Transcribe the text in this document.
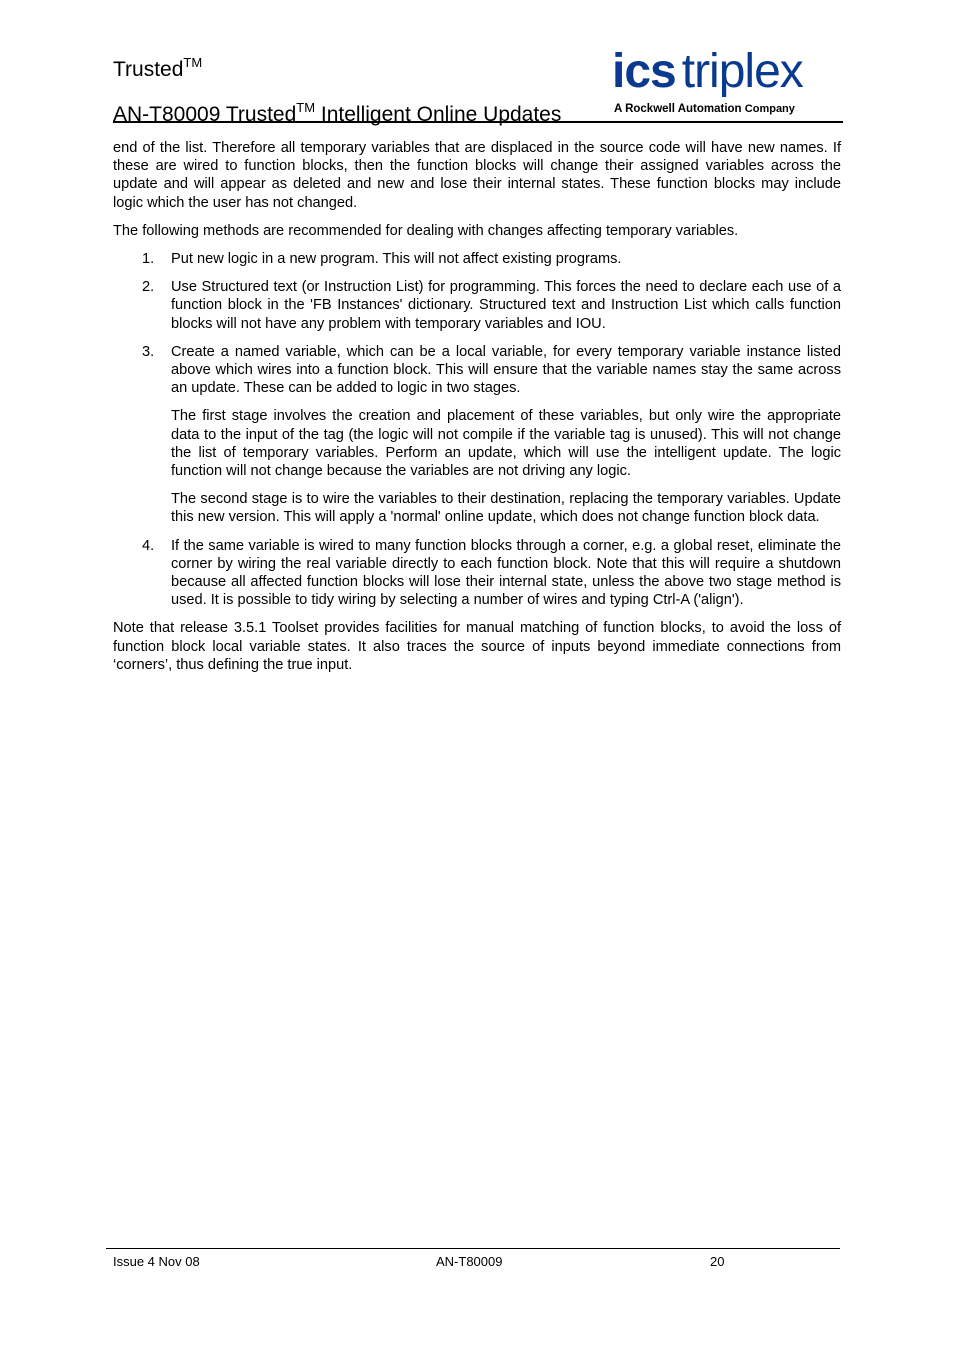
Trusted™
AN-T80009 Trusted™ Intelligent Online Updates
ics triplex
A Rockwell Automation Company

end of the list. Therefore all temporary variables that are displaced in the source code will have new names. If these are wired to function blocks, then the function blocks will change their assigned variables across the update and will appear as deleted and new and lose their internal states. These function blocks may include logic which the user has not changed.

The following methods are recommended for dealing with changes affecting temporary variables.

1. Put new logic in a new program. This will not affect existing programs.

2. Use Structured text (or Instruction List) for programming. This forces the need to declare each use of a function block in the 'FB Instances' dictionary. Structured text and Instruction List which calls function blocks will not have any problem with temporary variables and IOU.

3. Create a named variable, which can be a local variable, for every temporary variable instance listed above which wires into a function block. This will ensure that the variable names stay the same across an update. These can be added to logic in two stages.

The first stage involves the creation and placement of these variables, but only wire the appropriate data to the input of the tag (the logic will not compile if the variable tag is unused). This will not change the list of temporary variables. Perform an update, which will use the intelligent update. The logic function will not change because the variables are not driving any logic.

The second stage is to wire the variables to their destination, replacing the temporary variables. Update this new version. This will apply a 'normal' online update, which does not change function block data.

4. If the same variable is wired to many function blocks through a corner, e.g. a global reset, eliminate the corner by wiring the real variable directly to each function block. Note that this will require a shutdown because all affected function blocks will lose their internal state, unless the above two stage method is used. It is possible to tidy wiring by selecting a number of wires and typing Ctrl-A ('align').

Note that release 3.5.1 Toolset provides facilities for manual matching of function blocks, to avoid the loss of function block local variable states. It also traces the source of inputs beyond immediate connections from ‘corners’, thus defining the true input.

Issue 4 Nov 08	AN-T80009	20
